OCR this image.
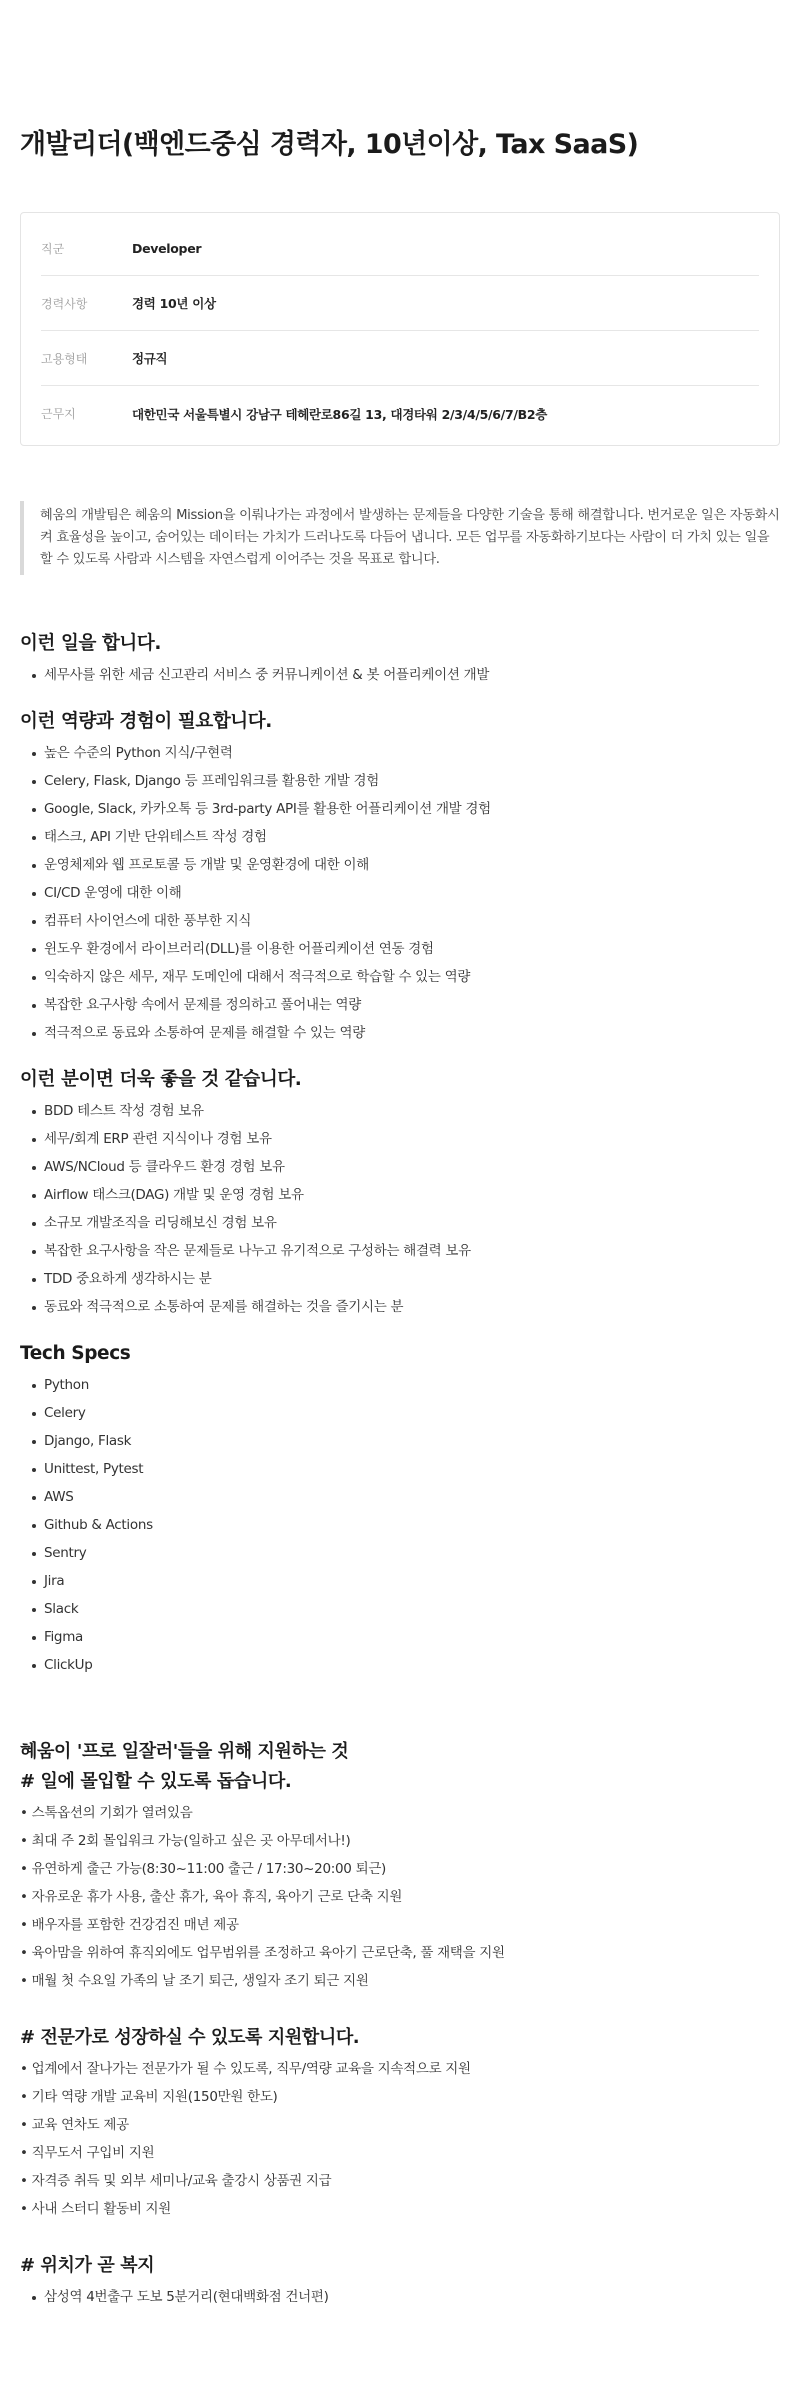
개발리더(백엔드중심 경력자, 10년이상, Tax SaaS)
직군	Developer
경력사항	경력 10년 이상
고용형태	정규직
근무지	대한민국 서울특별시 강남구 테헤란로86길 13, 대경타워 2/3/4/5/6/7/B2층
혜움의 개발팀은 혜움의 Mission을 이뤄나가는 과정에서 발생하는 문제들을 다양한 기술을 통해 해결합니다. 번거로운 일은 자동화시켜 효율성을 높이고, 숨어있는 데이터는 가치가 드러나도록 다듬어 냅니다. 모든 업무를 자동화하기보다는 사람이 더 가치 있는 일을 할 수 있도록 사람과 시스템을 자연스럽게 이어주는 것을 목표로 합니다.
이런 일을 합니다.
세무사를 위한 세금 신고관리 서비스 중 커뮤니케이션 & 봇 어플리케이션 개발
이런 역량과 경험이 필요합니다.
높은 수준의 Python 지식/구현력
Celery, Flask, Django 등 프레임워크를 활용한 개발 경험
Google, Slack, 카카오톡 등 3rd-party API를 활용한 어플리케이션 개발 경험
태스크, API 기반 단위테스트 작성 경험
운영체제와 웹 프로토콜 등 개발 및 운영환경에 대한 이해
CI/CD 운영에 대한 이해
컴퓨터 사이언스에 대한 풍부한 지식
윈도우 환경에서 라이브러리(DLL)를 이용한 어플리케이션 연동 경험
익숙하지 않은 세무, 재무 도메인에 대해서 적극적으로 학습할 수 있는 역량
복잡한 요구사항 속에서 문제를 정의하고 풀어내는 역량
적극적으로 동료와 소통하여 문제를 해결할 수 있는 역량
이런 분이면 더욱 좋을 것 같습니다.
BDD 테스트 작성 경험 보유
세무/회계 ERP 관련 지식이나 경험 보유
AWS/NCloud 등 클라우드 환경 경험 보유
Airflow 태스크(DAG) 개발 및 운영 경험 보유
소규모 개발조직을 리딩해보신 경험 보유
복잡한 요구사항을 작은 문제들로 나누고 유기적으로 구성하는 해결력 보유
TDD 중요하게 생각하시는 분
동료와 적극적으로 소통하여 문제를 해결하는 것을 즐기시는 분
Tech Specs
Python
Celery
Django, Flask
Unittest, Pytest
AWS
Github & Actions
Sentry
Jira
Slack
Figma
ClickUp
혜움이 '프로 일잘러'들을 위해 지원하는 것
# 일에 몰입할 수 있도록 돕습니다.
• 스톡옵션의 기회가 열려있음
• 최대 주 2회 몰입워크 가능(일하고 싶은 곳 아무데서나!)
• 유연하게 출근 가능(8:30~11:00 출근 / 17:30~20:00 퇴근)
• 자유로운 휴가 사용, 출산 휴가, 육아 휴직, 육아기 근로 단축 지원
• 배우자를 포함한 건강검진 매년 제공
• 육아맘을 위하여 휴직외에도 업무범위를 조정하고 육아기 근로단축, 풀 재택을 지원
• 매월 첫 수요일 가족의 날 조기 퇴근, 생일자 조기 퇴근 지원
# 전문가로 성장하실 수 있도록 지원합니다.
• 업계에서 잘나가는 전문가가 될 수 있도록, 직무/역량 교육을 지속적으로 지원
• 기타 역량 개발 교육비 지원(150만원 한도)
• 교육 연차도 제공
• 직무도서 구입비 지원
• 자격증 취득 및 외부 세미나/교육 출강시 상품권 지급
• 사내 스터디 활동비 지원
# 위치가 곧 복지
삼성역 4번출구 도보 5분거리(현대백화점 건너편)
